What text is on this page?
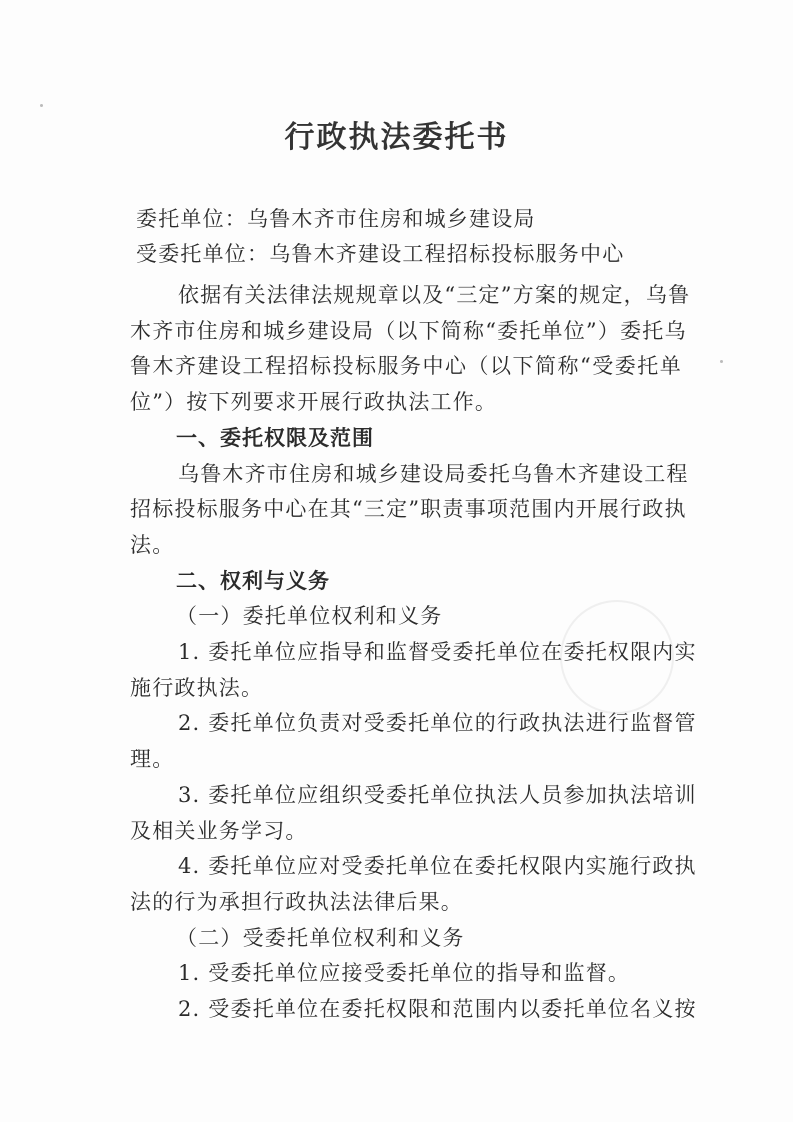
行政执法委托书
委托单位：乌鲁木齐市住房和城乡建设局
受委托单位：乌鲁木齐建设工程招标投标服务中心
依据有关法律法规规章以及“三定”方案的规定，乌鲁
木齐市住房和城乡建设局（以下简称“委托单位”）委托乌
鲁木齐建设工程招标投标服务中心（以下简称“受委托单
位”）按下列要求开展行政执法工作。
一、委托权限及范围
乌鲁木齐市住房和城乡建设局委托乌鲁木齐建设工程
招标投标服务中心在其“三定”职责事项范围内开展行政执
法。
二、权利与义务
（一）委托单位权利和义务
1. 委托单位应指导和监督受委托单位在委托权限内实
施行政执法。
2. 委托单位负责对受委托单位的行政执法进行监督管
理。
3. 委托单位应组织受委托单位执法人员参加执法培训
及相关业务学习。
4. 委托单位应对受委托单位在委托权限内实施行政执
法的行为承担行政执法法律后果。
（二）受委托单位权利和义务
1. 受委托单位应接受委托单位的指导和监督。
2. 受委托单位在委托权限和范围内以委托单位名义按
